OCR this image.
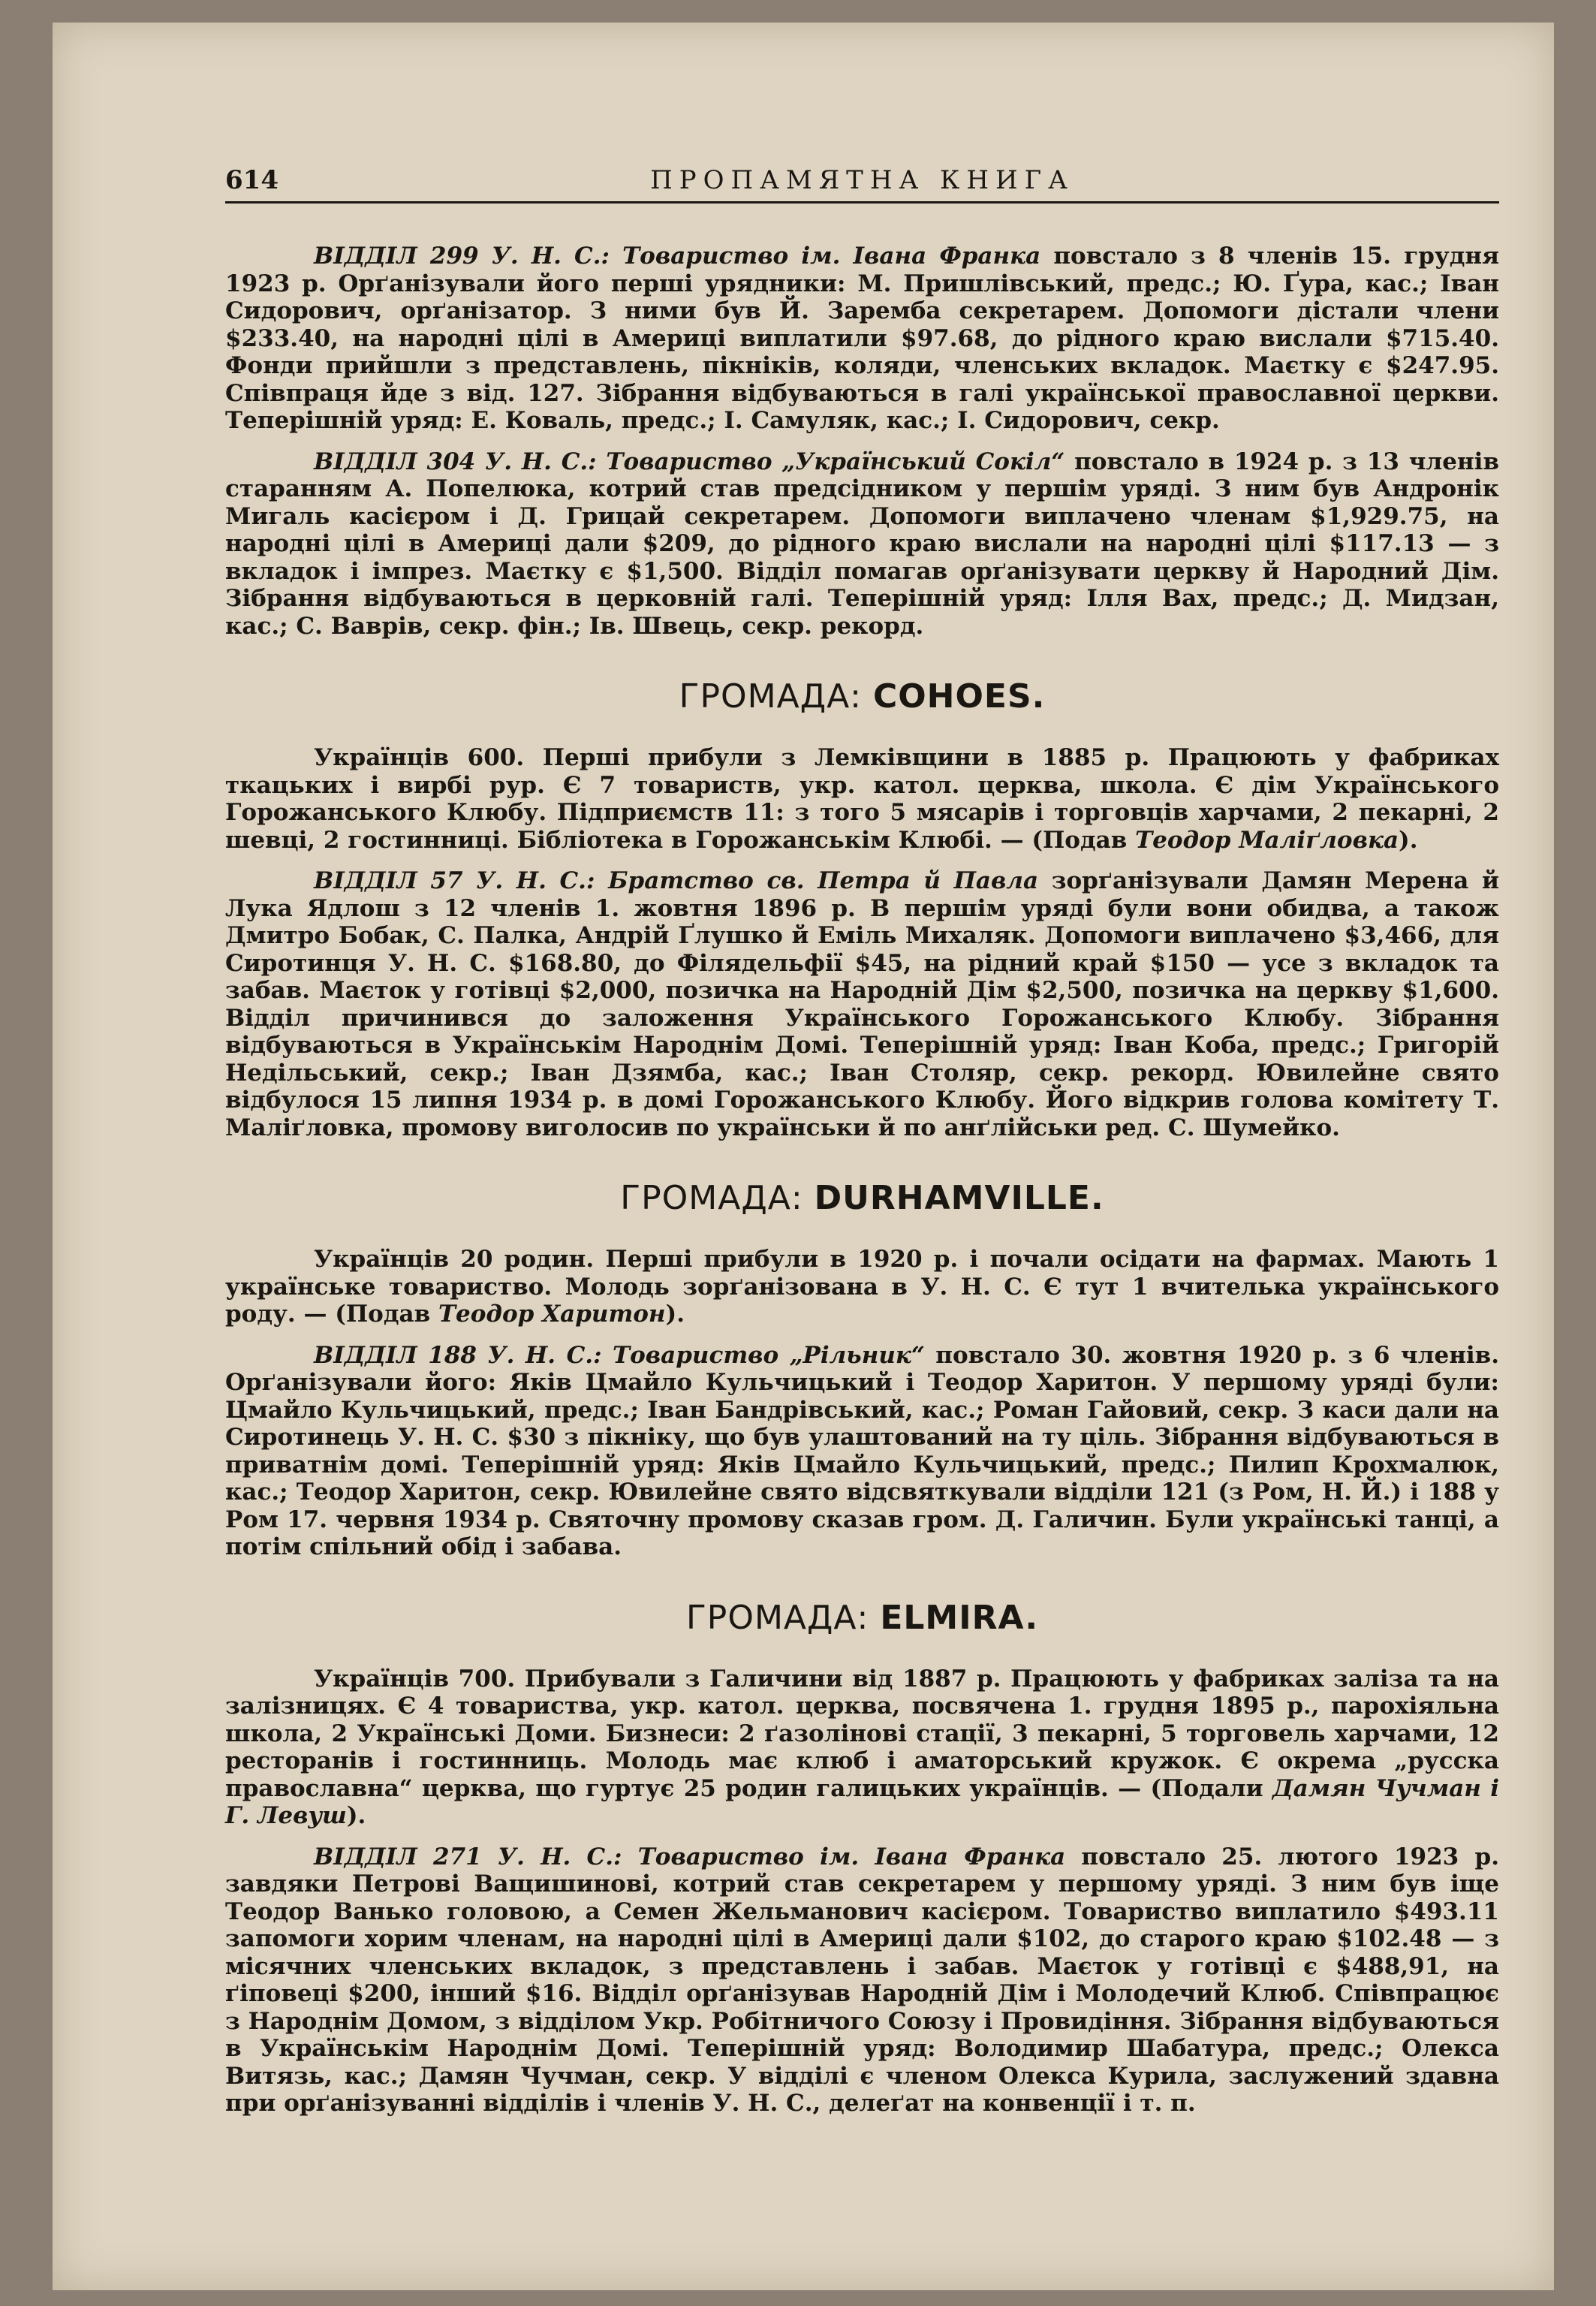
614	ПРОПАМЯТНА КНИГА

ВІДДІЛ 299 У. Н. С.: Товариство ім. Івана Франка повстало з 8 членів 15. грудня 1923 р. Орґанізували його перші урядники: М. Пришлівський, предс.; Ю. Ґура, кас.; Іван Сидорович, орґанізатор. З ними був Й. Зарембa секретарем. Допомоги дістали члени $233.40, на народні цілі в Америці виплатили $97.68, до рідного краю вислали $715.40. Фонди прийшли з представлень, пікніків, коляди, членських вкладок. Маєтку є $247.95. Співпраця йде з від. 127. Зібрання відбуваються в галі української православної церкви. Теперішній уряд: Е. Коваль, предс.; І. Самуляк, кас.; І. Сидорович, секр.

ВІДДІЛ 304 У. Н. С.: Товариство „Український Сокіл“ повстало в 1924 р. з 13 членів старанням А. Попелюка, котрий став предсідником у першім уряді. З ним був Андронік Мигаль касієром і Д. Грицай секретарем. Допомоги виплачено членам $1,929.75, на народні цілі в Америці дали $209, до рідного краю вислали на народні цілі $117.13 — з вкладок і імпрез. Маєтку є $1,500. Відділ помагав орґанізувати церкву й Народний Дім. Зібрання відбуваються в церковній галі. Теперішній уряд: Ілля Вах, предс.; Д. Мидзан, кас.; С. Ваврів, секр. фін.; Ів. Швець, секр. рекорд.

ГРОМАДА: COHOES.

Українців 600. Перші прибули з Лемківщини в 1885 р. Працюють у фабриках ткацьких і вирбі рур. Є 7 товариств, укр. катол. церква, школа. Є дім Українського Горожанського Клюбу. Підприємств 11: з того 5 мясарів і торговців харчами, 2 пекарні, 2 шевці, 2 гостинниці. Бібліотека в Горожанськім Клюбі. — (Подав Теодор Малiґловка).

ВІДДІЛ 57 У. Н. С.: Братство св. Петра й Павла зорґанізували Дамян Мерена й Лука Ядлош з 12 членів 1. жовтня 1896 р. В першім уряді були вони обидва, а також Дмитро Бобак, С. Палка, Андрій Ґлушко й Еміль Михаляк. Допомоги виплачено $3,466, для Сиротинця У. Н. С. $168.80, до Філядельфії $45, на рідний край $150 — усе з вкладок та забав. Маєток у готівці $2,000, позичка на Народній Дім $2,500, позичка на церкву $1,600. Відділ причинився до заложення Українського Горожанського Клюбу. Зібрання відбуваються в Українськім Народнім Домі. Теперішній уряд: Іван Коба, предс.; Григорій Недільський, секр.; Іван Дзямба, кас.; Іван Столяр, секр. рекорд. Ювилейне свято відбулося 15 липня 1934 р. в домі Горожанського Клюбу. Його відкрив голова комітету Т. Маліґловка, промову виголосив по українськи й по анґлійськи ред. С. Шумейко.

ГРОМАДА: DURHAMVILLE.

Українців 20 родин. Перші прибули в 1920 р. і почали осідати на фармах. Мають 1 українське товариство. Молодь зорґанізована в У. Н. С. Є тут 1 вчителька українського роду. — (Подав Теодор Харитон).

ВІДДІЛ 188 У. Н. С.: Товариство „Рільник“ повстало 30. жовтня 1920 р. з 6 членів. Орґанізували його: Яків Цмайло Кульчицький і Теодор Харитон. У першому уряді були: Цмайло Кульчицький, предс.; Іван Бандрівський, кас.; Роман Гайовий, секр. З каси дали на Сиротинець У. Н. С. $30 з пікніку, що був улаштований на ту ціль. Зібрання відбуваються в приватнім домі. Теперішній уряд: Яків Цмайло Кульчицький, предс.; Пилип Крохмалюк, кас.; Теодор Харитон, секр. Ювилейне свято відсвяткували відділи 121 (з Ром, Н. Й.) і 188 у Ром 17. червня 1934 р. Святочну промову сказав гром. Д. Галичин. Були українські танці, а потім спільний обід і забава.

ГРОМАДА: ELMIRA.

Українців 700. Прибували з Галичини від 1887 р. Працюють у фабриках заліза та на залізницях. Є 4 товариства, укр. катол. церква, посвячена 1. грудня 1895 р., парохіяльна школа, 2 Українські Доми. Бизнеси: 2 ґазолінові стації, 3 пекарні, 5 торговель харчами, 12 ресторанів і гостинниць. Молодь має клюб і аматорський кружок. Є окрема „русска православна“ церква, що гуртує 25 родин галицьких українців. — (Подали Дамян Чучман і Г. Левуш).

ВІДДІЛ 271 У. Н. С.: Товариство ім. Івана Франка повстало 25. лютого 1923 р. завдяки Петрові Ващишинові, котрий став секретарем у першому уряді. З ним був іще Теодор Ванько головою, а Семен Жельманович касієром. Товариство виплатило $493.11 запомоги хорим членам, на народні цілі в Америці дали $102, до старого краю $102.48 — з місячних членських вкладок, з представлень і забав. Маєток у готівці є $488,91, на ґіповеці $200, інший $16. Відділ орґанізував Народній Дім і Молодечий Клюб. Співпрацює з Народнім Домом, з відділом Укр. Робітничого Союзу і Провидіння. Зібрання відбуваються в Українськім Народнім Домі. Теперішній уряд: Володимир Шабатура, предс.; Олекса Витязь, кас.; Дамян Чучман, секр. У відділі є членом Олекса Курила, заслужений здавна при орґанізуванні відділів і членів У. Н. С., делеґат на конвенції і т. п.
